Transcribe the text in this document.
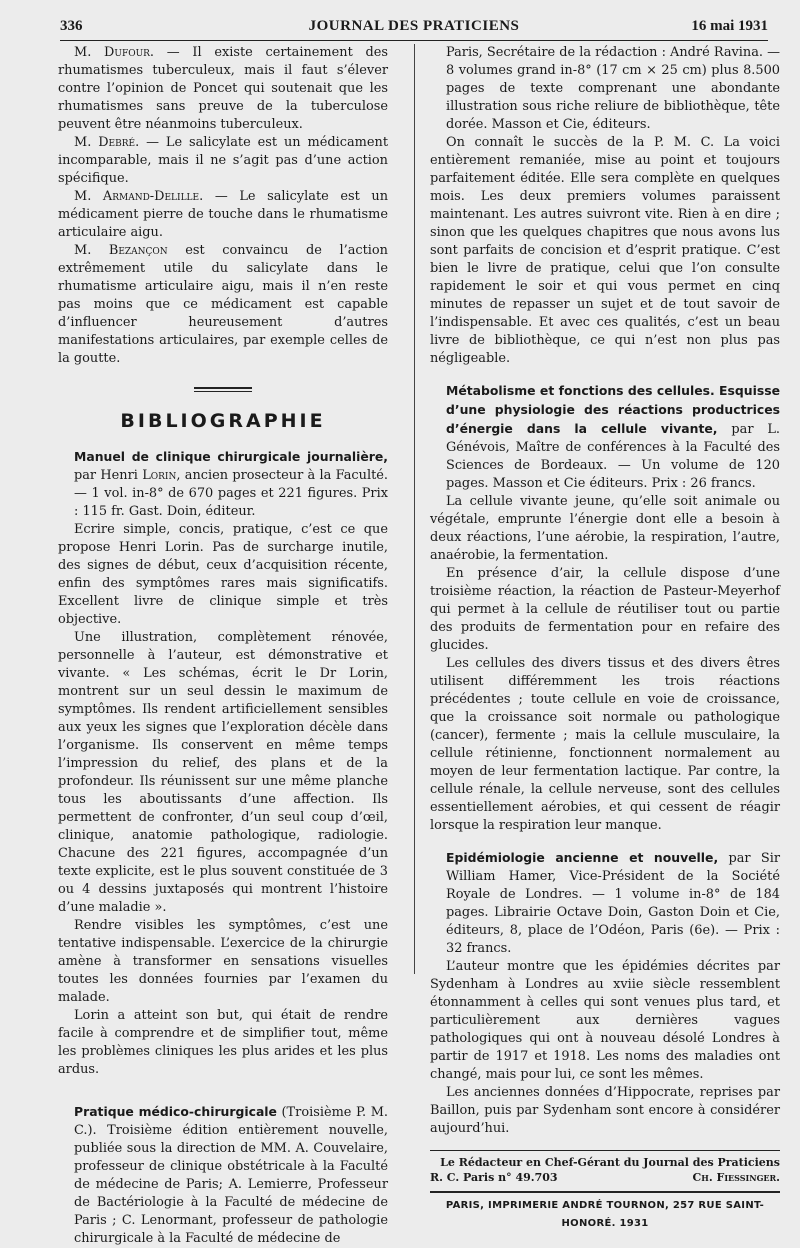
336	JOURNAL DES PRATICIENS	16 mai 1931

M. Dufour. — Il existe certainement des rhumatismes tuberculeux, mais il faut s’élever contre l’opinion de Poncet qui soutenait que les rhumatismes sans preuve de la tuberculose peuvent être néanmoins tuberculeux.

M. Debré. — Le salicylate est un médicament incomparable, mais il ne s’agit pas d’une action spécifique.

M. Armand-Delille. — Le salicylate est un médicament pierre de touche dans le rhumatisme articulaire aigu.

M. Bezançon est convaincu de l’action extrêmement utile du salicylate dans le rhumatisme articulaire aigu, mais il n’en reste pas moins que ce médicament est capable d’influencer heureusement d’autres manifestations articulaires, par exemple celles de la goutte.

BIBLIOGRAPHIE

Manuel de clinique chirurgicale journalière, par Henri Lorin, ancien prosecteur à la Faculté. — 1 vol. in-8° de 670 pages et 221 figures. Prix : 115 fr. Gast. Doin, éditeur.

Ecrire simple, concis, pratique, c’est ce que propose Henri Lorin. Pas de surcharge inutile, des signes de début, ceux d’acquisition récente, enfin des symptômes rares mais significatifs. Excellent livre de clinique simple et très objective.

Une illustration, complètement rénovée, personnelle à l’auteur, est démonstrative et vivante. « Les schémas, écrit le Dr Lorin, montrent sur un seul dessin le maximum de symptômes. Ils rendent artificiellement sensibles aux yeux les signes que l’exploration décèle dans l’organisme. Ils conservent en même temps l’impression du relief, des plans et de la profondeur. Ils réunissent sur une même planche tous les aboutissants d’une affection. Ils permettent de confronter, d’un seul coup d’œil, clinique, anatomie pathologique, radiologie. Chacune des 221 figures, accompagnée d’un texte explicite, est le plus souvent constituée de 3 ou 4 dessins juxtaposés qui montrent l’histoire d’une maladie ».

Rendre visibles les symptômes, c’est une tentative indispensable. L’exercice de la chirurgie amène à transformer en sensations visuelles toutes les données fournies par l’examen du malade.

Lorin a atteint son but, qui était de rendre facile à comprendre et de simplifier tout, même les problèmes cliniques les plus arides et les plus ardus.

Pratique médico-chirurgicale (Troisième P. M. C.). Troisième édition entièrement nouvelle, publiée sous la direction de MM. A. Couvelaire, professeur de clinique obstétricale à la Faculté de médecine de Paris; A. Lemierre, Professeur de Bactériologie à la Faculté de médecine de Paris ; C. Lenormant, professeur de pathologie chirurgicale à la Faculté de médecine de

Paris, Secrétaire de la rédaction : André Ravina. — 8 volumes grand in-8° (17 cm × 25 cm) plus 8.500 pages de texte comprenant une abondante illustration sous riche reliure de bibliothèque, tête dorée. Masson et Cie, éditeurs.

On connaît le succès de la P. M. C. La voici entièrement remaniée, mise au point et toujours parfaitement éditée. Elle sera complète en quelques mois. Les deux premiers volumes paraissent maintenant. Les autres suivront vite. Rien à en dire ; sinon que les quelques chapitres que nous avons lus sont parfaits de concision et d’esprit pratique. C’est bien le livre de pratique, celui que l’on consulte rapidement le soir et qui vous permet en cinq minutes de repasser un sujet et de tout savoir de l’indispensable. Et avec ces qualités, c’est un beau livre de bibliothèque, ce qui n’est non plus pas négligeable.

Métabolisme et fonctions des cellules. Esquisse d’une physiologie des réactions productrices d’énergie dans la cellule vivante, par L. Génévois, Maître de conférences à la Faculté des Sciences de Bordeaux. — Un volume de 120 pages. Masson et Cie éditeurs. Prix : 26 francs.

La cellule vivante jeune, qu’elle soit animale ou végétale, emprunte l’énergie dont elle a besoin à deux réactions, l’une aérobie, la respiration, l’autre, anaérobie, la fermentation.

En présence d’air, la cellule dispose d’une troisième réaction, la réaction de Pasteur-Meyerhof qui permet à la cellule de réutiliser tout ou partie des produits de fermentation pour en refaire des glucides.

Les cellules des divers tissus et des divers êtres utilisent différemment les trois réactions précédentes ; toute cellule en voie de croissance, que la croissance soit normale ou pathologique (cancer), fermente ; mais la cellule musculaire, la cellule rétinienne, fonctionnent normalement au moyen de leur fermentation lactique. Par contre, la cellule rénale, la cellule nerveuse, sont des cellules essentiellement aérobies, et qui cessent de réagir lorsque la respiration leur manque.

Epidémiologie ancienne et nouvelle, par Sir William Hamer, Vice-Président de la Société Royale de Londres. — 1 volume in-8° de 184 pages. Librairie Octave Doin, Gaston Doin et Cie, éditeurs, 8, place de l’Odéon, Paris (6e). — Prix : 32 francs.

L’auteur montre que les épidémies décrites par Sydenham à Londres au xviie siècle ressemblent étonnamment à celles qui sont venues plus tard, et particulièrement aux dernières vagues pathologiques qui ont à nouveau désolé Londres à partir de 1917 et 1918. Les noms des maladies ont changé, mais pour lui, ce sont les mêmes.

Les anciennes données d’Hippocrate, reprises par Baillon, puis par Sydenham sont encore à considérer aujourd’hui.

Le Rédacteur en Chef-Gérant du Journal des Praticiens
R. C. Paris n° 49.703	Ch. Fiessinger.
PARIS, IMPRIMERIE ANDRÉ TOURNON, 257 RUE SAINT-HONORÉ. 1931
